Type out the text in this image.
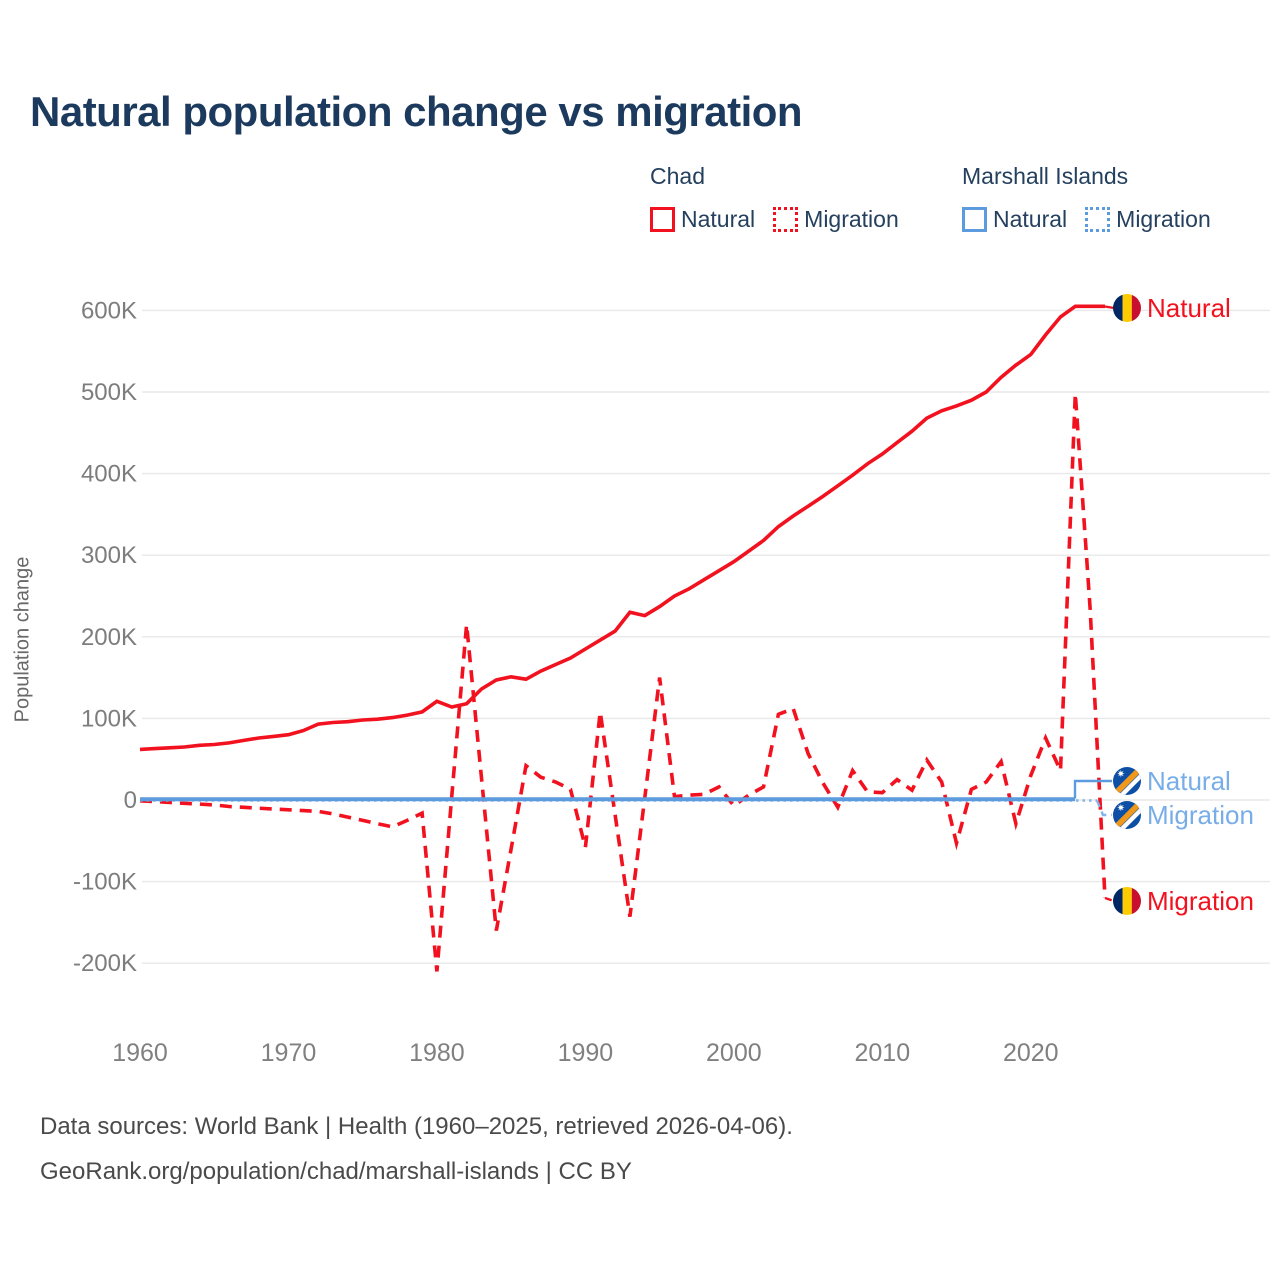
Natural population change vs migration
Chad
Natural Migration
Marshall Islands
Natural Migration
Population change
600K
500K
400K
300K
200K
100K
0
-100K
-200K
1960	1970	1980	1990	2000	2010	2020
Natural
Migration
Natural
Migration
Data sources: World Bank | Health (1960–2025, retrieved 2026-04-06).
GeoRank.org/population/chad/marshall-islands | CC BY
